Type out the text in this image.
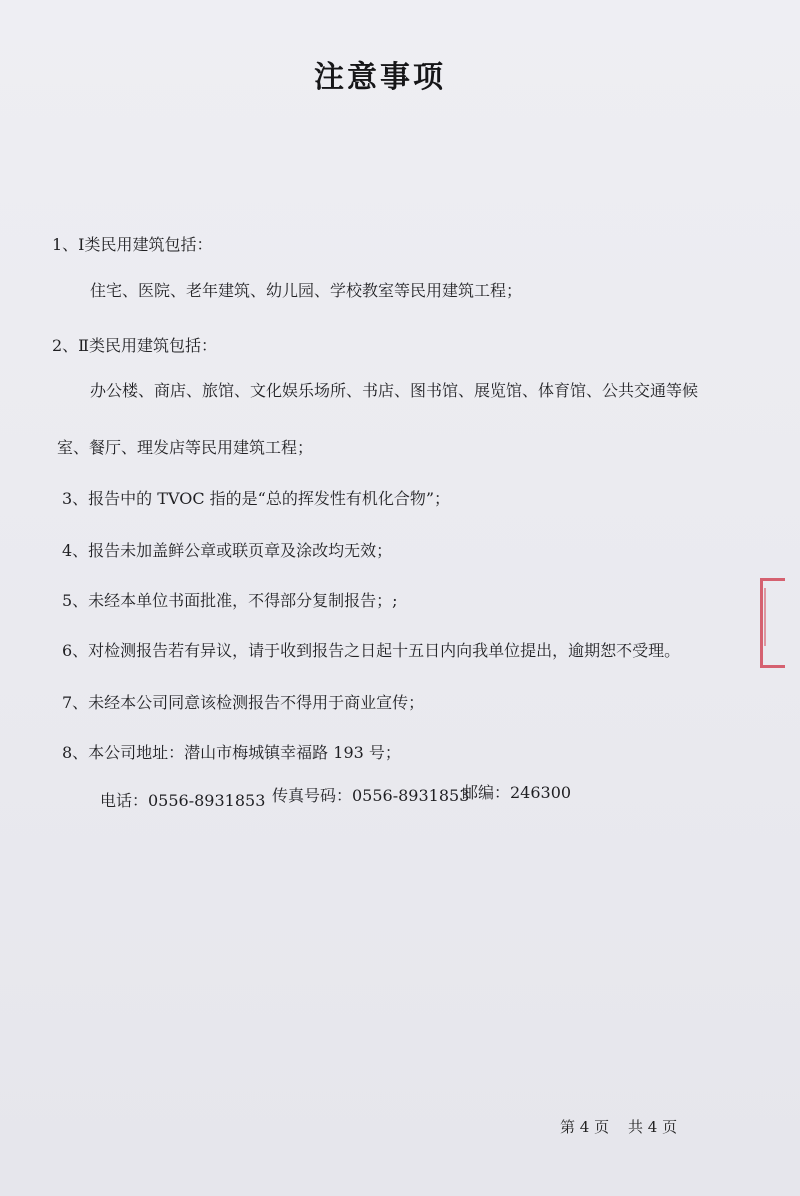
注意事项
1、Ⅰ类民用建筑包括：
住宅、医院、老年建筑、幼儿园、学校教室等民用建筑工程；
2、Ⅱ类民用建筑包括：
办公楼、商店、旅馆、文化娱乐场所、书店、图书馆、展览馆、体育馆、公共交通等候
室、餐厅、理发店等民用建筑工程；
3、报告中的 TVOC 指的是“总的挥发性有机化合物”；
4、报告未加盖鲜公章或联页章及涂改均无效；
5、未经本单位书面批准，不得部分复制报告；;
6、对检测报告若有异议，请于收到报告之日起十五日内向我单位提出，逾期恕不受理。
7、未经本公司同意该检测报告不得用于商业宣传；
8、本公司地址：潜山市梅城镇幸福路 193 号；
电话：0556-8931853 传真号码：0556-8931853
邮编：246300
第 4 页 共 4 页
